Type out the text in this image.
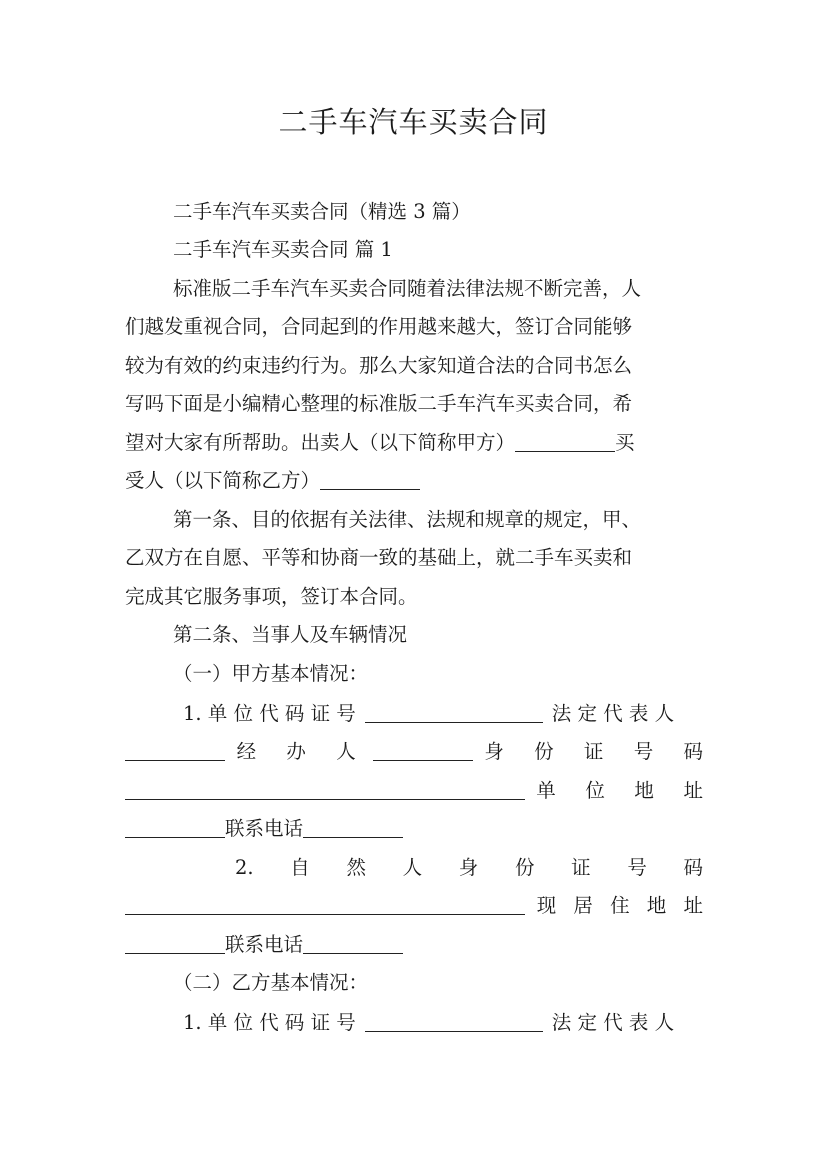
二手车汽车买卖合同
二手车汽车买卖合同（精选 3 篇）
二手车汽车买卖合同 篇 1
标准版二手车汽车买卖合同随着法律法规不断完善，人
们越发重视合同，合同起到的作用越来越大，签订合同能够
较为有效的约束违约行为。那么大家知道合法的合同书怎么
写吗下面是小编精心整理的标准版二手车汽车买卖合同，希
望对大家有所帮助。出卖人（以下简称甲方）	买
受人（以下简称乙方）
第一条、目的依据有关法律、法规和规章的规定，甲、
乙双方在自愿、平等和协商一致的基础上，就二手车买卖和
完成其它服务事项，签订本合同。
第二条、当事人及车辆情况
（一）甲方基本情况：
1. 单 位 代 码 证 号	法 定 代 表 人
经　办　人	身　份　证　号　码
单　位　地　址
联系电话
2.　自　然　人　身　份　证　号　码
现 居 住 地 址
联系电话
（二）乙方基本情况：
1. 单 位 代 码 证 号	法 定 代 表 人
